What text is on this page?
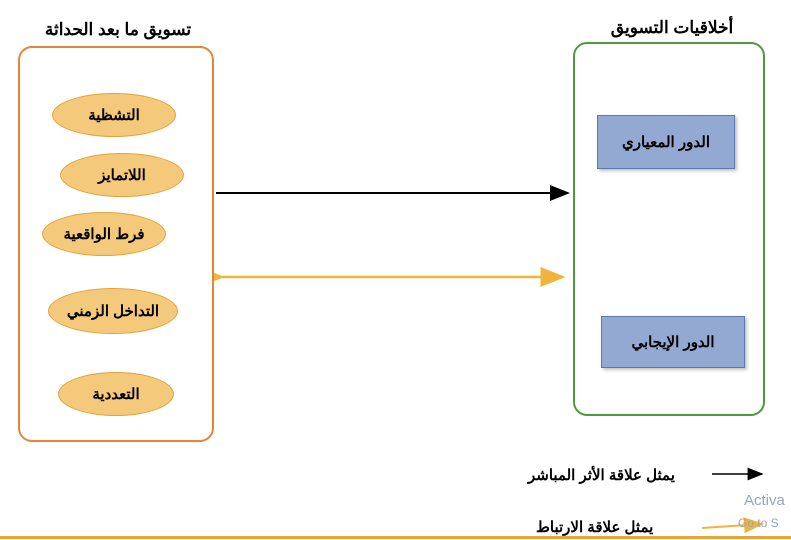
تسويق ما بعد الحداثة
التشظية
اللاتمايز
فرط الواقعية
التداخل الزمني
التعددية
أخلاقيات التسويق
الدور المعياري
الدور الإيجابي
يمثل علاقة الأثر المباشر
يمثل علاقة الارتباط
Activa
Go to S
